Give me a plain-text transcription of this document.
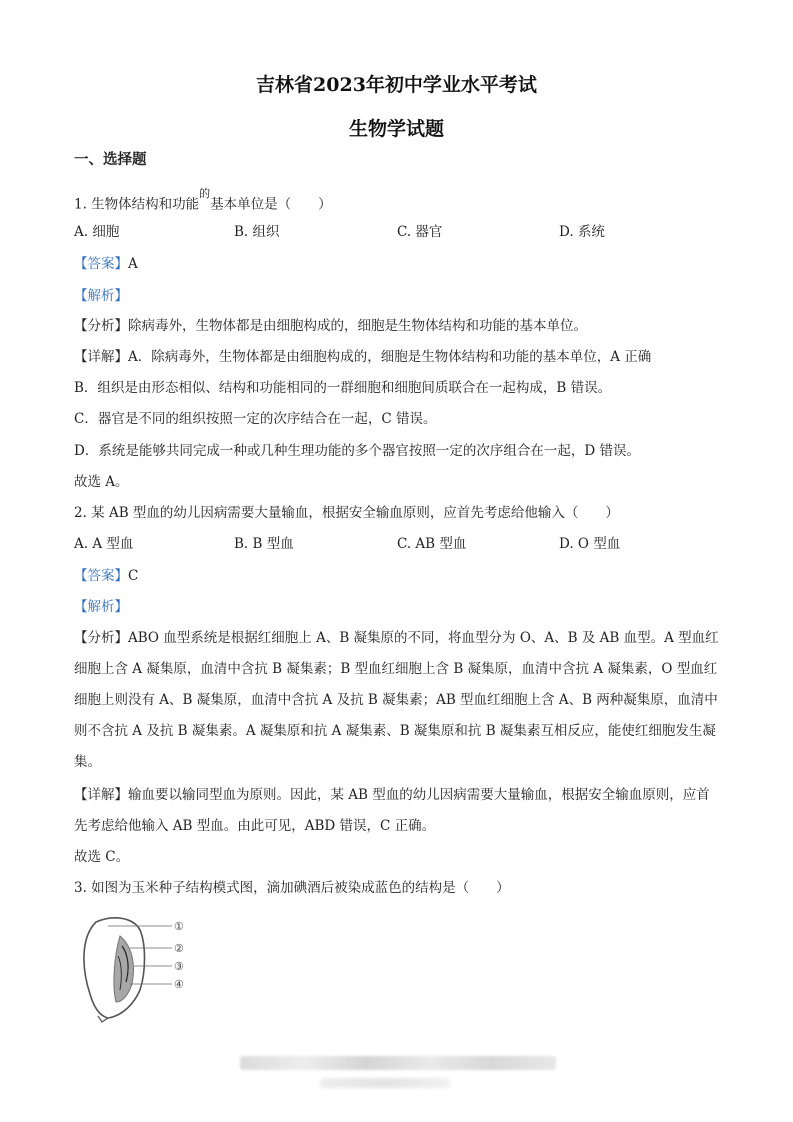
吉林省2023年初中学业水平考试
生物学试题
一、选择题
1. 生物体结构和功能$^的$基本单位是（　　）
A. 细胞	B. 组织	C. 器官	D. 系统
【答案】A
【解析】
【分析】除病毒外，生物体都是由细胞构成的，细胞是生物体结构和功能的基本单位。
【详解】A．除病毒外，生物体都是由细胞构成的，细胞是生物体结构和功能的基本单位，A 正确
B．组织是由形态相似、结构和功能相同的一群细胞和细胞间质联合在一起构成，B 错误。
C．器官是不同的组织按照一定的次序结合在一起，C 错误。
D．系统是能够共同完成一种或几种生理功能的多个器官按照一定的次序组合在一起，D 错误。
故选 A。
2. 某 AB 型血的幼儿因病需要大量输血，根据安全输血原则，应首先考虑给他输入（　　）
A. A 型血	B. B 型血	C. AB 型血	D. O 型血
【答案】C
【解析】
【分析】ABO 血型系统是根据红细胞上 A、B 凝集原的不同，将血型分为 O、A、B 及 AB 血型。A 型血红
细胞上含 A 凝集原，血清中含抗 B 凝集素；B 型血红细胞上含 B 凝集原，血清中含抗 A 凝集素，O 型血红
细胞上则没有 A、B 凝集原，血清中含抗 A 及抗 B 凝集素；AB 型血红细胞上含 A、B 两种凝集原，血清中
则不含抗 A 及抗 B 凝集素。A 凝集原和抗 A 凝集素、B 凝集原和抗 B 凝集素互相反应，能使红细胞发生凝
集。
【详解】输血要以输同型血为原则。因此，某 AB 型血的幼儿因病需要大量输血，根据安全输血原则，应首
先考虑给他输入 AB 型血。由此可见，ABD 错误，C 正确。
故选 C。
3. 如图为玉米种子结构模式图，滴加碘酒后被染成蓝色的结构是（　　）
①
②
③
④
